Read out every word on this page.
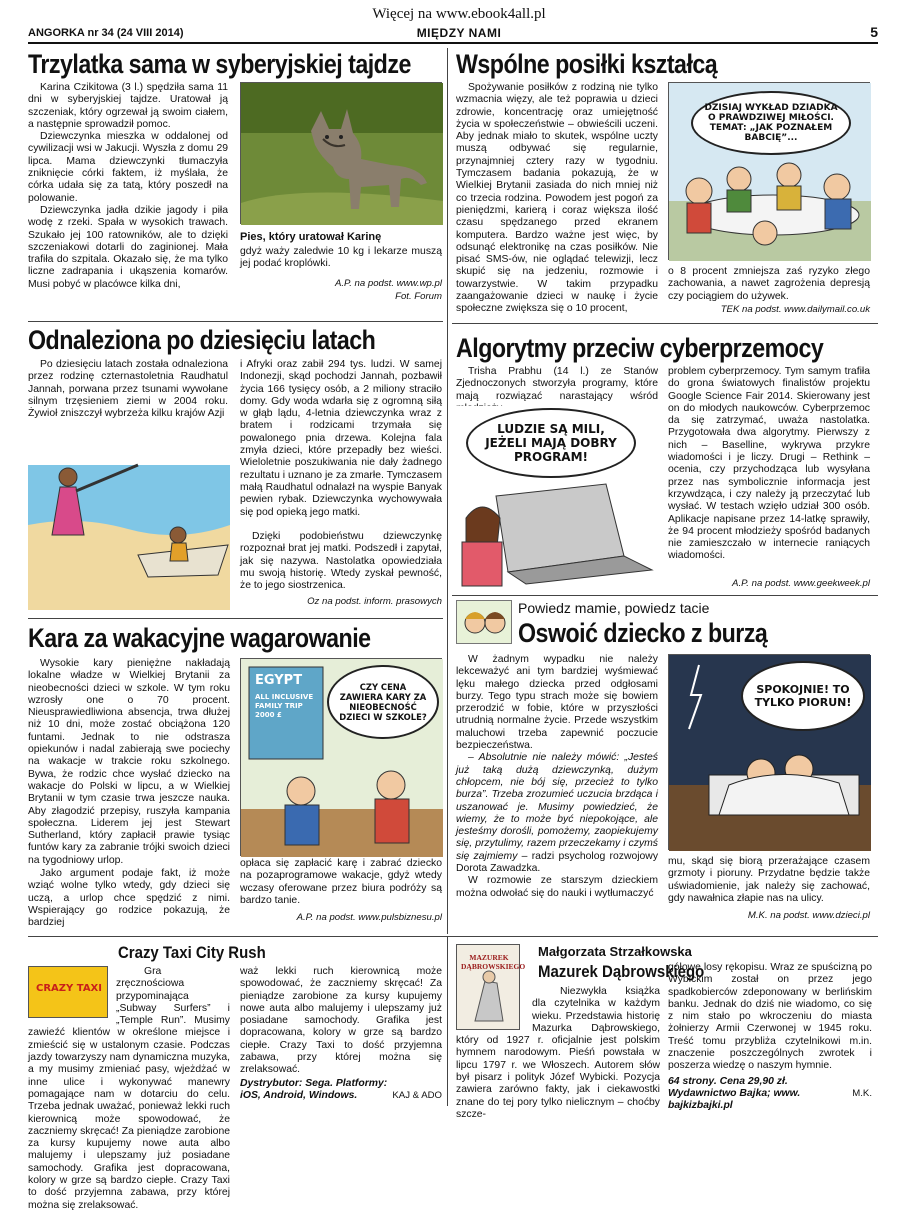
Więcej na www.ebook4all.pl
ANGORKA nr 34 (24 VIII 2014)	MIĘDZY NAMI	5
Trzylatka sama w syberyjskiej tajdze

Karina Czikitowa (3 l.) spędziła sama 11 dni w syberyjskiej tajdze. Uratował ją szczeniak, który ogrzewał ją swoim ciałem, a następnie sprowadził pomoc.

Dziewczynka mieszka w oddalonej od cywilizacji wsi w Jakucji. Wyszła z domu 29 lipca. Mama dziewczynki tłumaczyła zniknięcie córki faktem, iż myślała, że córka udała się za tatą, który poszedł na polowanie.

Dziewczynka jadła dzikie jagody i piła wodę z rzeki. Spała w wysokich trawach. Szukało jej 100 ratowników, ale to dzięki szczeniakowi dotarli do zaginionej. Mała trafiła do szpitala. Okazało się, że ma tylko liczne zadrapania i ukąszenia komarów. Musi pobyć w placówce kilka dni,

Pies, który uratował Karinę
gdyż waży zaledwie 10 kg i lekarze muszą jej podać kroplówki.
A.P. na podst. www.wp.pl
Fot. Forum
Wspólne posiłki kształcą

Spożywanie posiłków z rodziną nie tylko wzmacnia więzy, ale też poprawia u dzieci zdrowie, koncentrację oraz umiejętność życia w społeczeństwie – obwieścili uczeni. Aby jednak miało to skutek, wspólne uczty muszą odbywać się regularnie, przynajmniej cztery razy w tygodniu. Tymczasem badania pokazują, że w Wielkiej Brytanii zasiada do nich mniej niż co trzecia rodzina. Powodem jest pogoń za pieniędzmi, karierą i coraz większa ilość czasu spędzanego przed ekranem komputera. Bardzo ważne jest więc, by odsunąć elektronikę na czas posiłków. Nie pisać SMS-ów, nie oglądać telewizji, lecz skupić się na jedzeniu, rozmowie i towarzystwie. W takim przypadku zaangażowanie dzieci w naukę i życie społeczne zwiększa się o 10 procent,

DZISIAJ WYKŁAD DZIADKA O PRAWDZIWEJ MIŁOŚCI. TEMAT: „JAK POZNAŁEM BABCIĘ”...
o 8 procent zmniejsza zaś ryzyko złego zachowania, a nawet zagrożenia depresją czy pociągiem do używek.
TEK na podst. www.dailymail.co.uk
Odnaleziona po dziesięciu latach

Po dziesięciu latach została odnaleziona przez rodzinę czternastoletnia Raudhatul Jannah, porwana przez tsunami wywołane silnym trzęsieniem ziemi w 2004 roku. Żywioł zniszczył wybrzeża kilku krajów Azji

i Afryki oraz zabił 294 tys. ludzi. W samej Indonezji, skąd pochodzi Jannah, pozbawił życia 166 tysięcy osób, a 2 miliony straciło domy. Gdy woda wdarła się z ogromną siłą w głąb lądu, 4-letnia dziewczynka wraz z bratem i rodzicami trzymała się powalonego pnia drzewa. Kolejna fala zmyła dzieci, które przepadły bez wieści. Wieloletnie poszukiwania nie dały żadnego rezultatu i uznano je za zmarłe. Tymczasem małą Raudhatul odnalazł na wyspie Banyak pewien rybak. Dziewczynka wychowywała się pod opieką jego matki.

Dzięki podobieństwu dziewczynkę rozpoznał brat jej matki. Podszedł i zapytał, jak się nazywa. Nastolatka opowiedziała mu swoją historię. Wtedy zyskał pewność, że to jego siostrzenica.

Oz na podst. inform. prasowych
Algorytmy przeciw cyberprzemocy

Trisha Prabhu (14 l.) ze Stanów Zjednoczonych stworzyła programy, które mają rozwiązać narastający wśród

LUDZIE SĄ MILI, JEŻELI MAJĄ DOBRY PROGRAM!

problem cyberprzemocy. Tym samym trafiła do grona światowych finalistów projektu Google Science Fair 2014. Skierowany jest on do młodych naukowców. Cyberprzemoc da się zatrzymać, uważa nastolatka. Przygotowała dwa algorytmy. Pierwszy z nich – Baselline, wykrywa przykre wiadomości i je liczy. Drugi – Rethink – ocenia, czy przychodząca lub wysyłana przez nas symbolicznie informacja jest krzywdząca, i czy należy ją przeczytać lub wysłać. W testach wzięło udział 300 osób. Aplikacje napisane przez 14-latkę sprawiły, że 94 procent młodzieży spośród badanych nie zamieszczało w internecie raniących wiadomości.

A.P. na podst. www.geekweek.pl
Kara za wakacyjne wagarowanie

Wysokie kary pieniężne nakładają lokalne władze w Wielkiej Brytanii za nieobecności dzieci w szkole. W tym roku wzrosły one o 70 procent. Nieusprawiedliwiona absencja, trwa dłużej niż 10 dni, może zostać obciążona 120 funtami. Jednak to nie odstrasza opiekunów i nadal zabierają swe pociechy na wakacje w trakcie roku szkolnego. Bywa, że rodzic chce wysłać dziecko na wakacje do Polski w lipcu, a w Wielkiej Brytanii w tym czasie trwa jeszcze nauka. Aby złagodzić przepisy, ruszyła kampania społeczna. Liderem jej jest Stewart Sutherland, który zapłacił prawie tysiąc funtów kary za zabranie trójki swoich dzieci na tygodniowy urlop.

Jako argument podaje fakt, iż może wziąć wolne tylko wtedy, gdy dzieci się uczą, a urlop chce spędzić z nimi. Wspierający go rodzice pokazują, że bardziej

EGYPT
ALL INCLUSIVE FAMILY TRIP 2000 £
CZY CENA ZAWIERA KARY ZA NIEOBECNOŚĆ DZIECI W SZKOLE?
opłaca się zapłacić karę i zabrać dziecko na pozaprogramowe wakacje, gdyż wtedy wczasy oferowane przez biura podróży są bardzo tanie.
A.P. na podst. www.pulsbiznesu.pl
Powiedz mamie, powiedz tacie
Oswoić dziecko z burzą

W żadnym wypadku nie należy lekceważyć ani tym bardziej wyśmiewać lęku małego dziecka przed odgłosami burzy. Tego typu strach może się bowiem przerodzić w fobie, które w przyszłości utrudnią normalne życie. Przede wszystkim maluchowi trzeba zapewnić poczucie bezpieczeństwa.

– Absolutnie nie należy mówić: „Jesteś już taką dużą dziewczynką, dużym chłopcem, nie bój się, przecież to tylko burza”. Trzeba zrozumieć uczucia brzdąca i uszanować je. Musimy powiedzieć, że wiemy, że to może być niepokojące, ale jesteśmy dorośli, pomożemy, zaopiekujemy się, przytulimy, razem przeczekamy i czymś się zajmiemy – radzi psycholog rozwojowy Dorota Zawadzka.

W rozmowie ze starszym dzieckiem można odwołać się do nauki i wytłumaczyć

SPOKOJNIE! TO TYLKO PIORUN!
mu, skąd się biorą przerażające czasem grzmoty i pioruny. Przydatne będzie także uświadomienie, jak należy się zachować, gdy nawałnica złapie nas na ulicy.
M.K. na podst. www.dzieci.pl
Crazy Taxi City Rush
CRAZY TAXI

Gra zręcznościowa przypominająca „Subway Surfers” i „Temple Run”. Musimy zawieźć klientów w określone miejsce i zmieścić się w ustalonym czasie. Podczas jazdy towarzyszy nam dynamiczna muzyka, a my musimy zmieniać pasy, wjeżdżać w inne ulice i wykonywać manewry pomagające nam w dotarciu do celu. Trzeba jednak uważać, ponieważ lekki ruch kierownicą może spowodować, że zaczniemy skręcać! Za pieniądze zarobione za kursy kupujemy nowe auta albo malujemy i ulepszamy już posiadane samochody. Grafika jest dopracowana, kolory w grze są bardzo ciepłe. Crazy Taxi to dość przyjemna zabawa, przy której można się zrelaksować.

waż lekki ruch kierownicą może spowodować, że zaczniemy skręcać! Za pieniądze zarobione za kursy kupujemy nowe auta albo malujemy i ulepszamy już posiadane samochody. Grafika jest dopracowana, kolory w grze są bardzo ciepłe. Crazy Taxi to dość przyjemna zabawa, przy której można się zrelaksować.

Dystrybutor: Sega. Platformy: iOS, Android, Windows.	KAJ & ADO
MAZUREK DĄBROWSKIEGO
Małgorzata Strzałkowska
Mazurek Dąbrowskiego

Niezwykła książka dla czytelnika w każdym wieku. Przedstawia historię Mazurka Dąbrowskiego, który od 1927 r. oficjalnie jest polskim hymnem narodowym. Pieśń powstała w lipcu 1797 r. we Włoszech. Autorem słów był pisarz i polityk Józef Wybicki. Pozycja zawiera zarówno fakty, jak i ciekawostki znane do tej pory tylko nielicznym – choćby szcze-

gółowe losy rękopisu. Wraz ze spuścizną po Wybickim został on przez jego spadkobierców zdeponowany w berlińskim banku. Jednak do dziś nie wiadomo, co się z nim stało po wkroczeniu do miasta żołnierzy Armii Czerwonej w 1945 roku. Treść tomu przybliża czytelnikowi m.in. znaczenie poszczególnych zwrotek i poszerza wiedzę o naszym hymnie.

64 strony. Cena 29,90 zł. Wydawnictwo Bajka; www. bajkizbajki.pl
M.K.
